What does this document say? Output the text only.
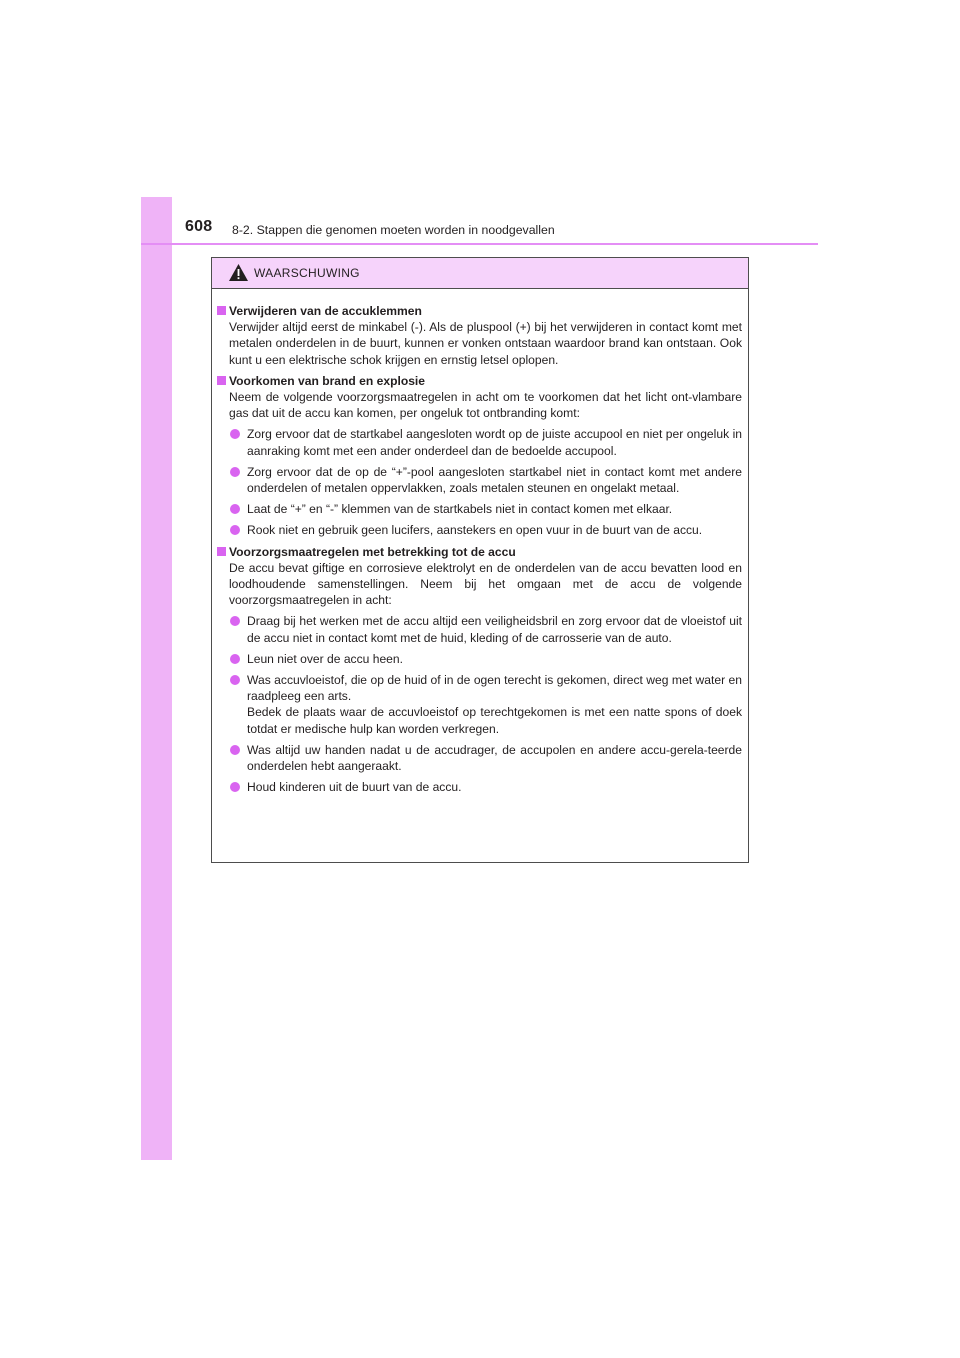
608 8-2. Stappen die genomen moeten worden in noodgevallen
WAARSCHUWING
Verwijderen van de accuklemmen
Verwijder altijd eerst de minkabel (-). Als de pluspool (+) bij het verwijderen in contact komt met metalen onderdelen in de buurt, kunnen er vonken ontstaan waardoor brand kan ontstaan. Ook kunt u een elektrische schok krijgen en ernstig letsel oplopen.
Voorkomen van brand en explosie
Neem de volgende voorzorgsmaatregelen in acht om te voorkomen dat het licht ont-vlambare gas dat uit de accu kan komen, per ongeluk tot ontbranding komt:
Zorg ervoor dat de startkabel aangesloten wordt op de juiste accupool en niet per ongeluk in aanraking komt met een ander onderdeel dan de bedoelde accupool.
Zorg ervoor dat de op de “+”-pool aangesloten startkabel niet in contact komt met andere onderdelen of metalen oppervlakken, zoals metalen steunen en ongelakt metaal.
Laat de “+” en “-” klemmen van de startkabels niet in contact komen met elkaar.
Rook niet en gebruik geen lucifers, aanstekers en open vuur in de buurt van de accu.
Voorzorgsmaatregelen met betrekking tot de accu
De accu bevat giftige en corrosieve elektrolyt en de onderdelen van de accu bevatten lood en loodhoudende samenstellingen. Neem bij het omgaan met de accu de volgende voorzorgsmaatregelen in acht:
Draag bij het werken met de accu altijd een veiligheidsbril en zorg ervoor dat de vloeistof uit de accu niet in contact komt met de huid, kleding of de carrosserie van de auto.
Leun niet over de accu heen.
Was accuvloeistof, die op de huid of in de ogen terecht is gekomen, direct weg met water en raadpleeg een arts.
Bedek de plaats waar de accuvloeistof op terechtgekomen is met een natte spons of doek totdat er medische hulp kan worden verkregen.
Was altijd uw handen nadat u de accudrager, de accupolen en andere accu-gerela-teerde onderdelen hebt aangeraakt.
Houd kinderen uit de buurt van de accu.
